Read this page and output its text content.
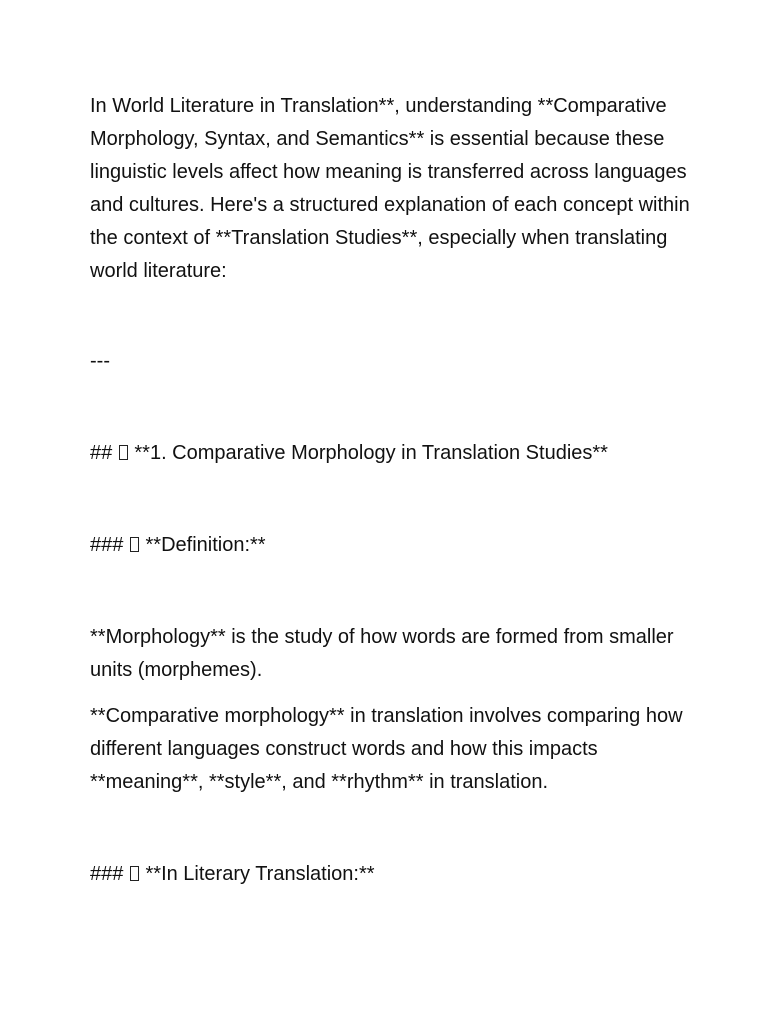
In World Literature in Translation**, understanding **Comparative Morphology, Syntax, and Semantics** is essential because these linguistic levels affect how meaning is transferred across languages and cultures. Here's a structured explanation of each concept within the context of **Translation Studies**, especially when translating world literature:

---

## **1. Comparative Morphology in Translation Studies**

### **Definition:**

**Morphology** is the study of how words are formed from smaller units (morphemes).

**Comparative morphology** in translation involves comparing how different languages construct words and how this impacts **meaning**, **style**, and **rhythm** in translation.

### **In Literary Translation:**
